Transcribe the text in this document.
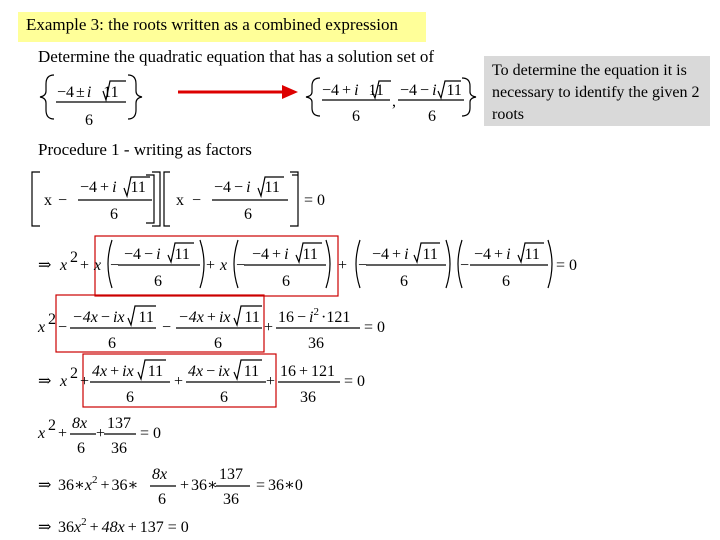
Example 3: the roots written as a combined expression
Determine the quadratic equation that has a solution set of
To determine the equation it is necessary to identify the given 2 roots
Procedure 1 - writing as factors
−4 ± i 11
6
−4 + i 11
6
,
−4 − i 11
6
x −
−4 + i 11
6
x −
−4 − i 11
6
= 0
⇒ x 2 + x −
−4 − i 11
6
+ x −
−4 + i 11
6
+ −
−4 + i 11
6
−
−4 + i 11
6
= 0
x 2 −
−4x − ix 11
6
−
−4x + ix 11
6
+
$16 - i^2 \cdot 121$
36
= 0
⇒ x 2 +
4x + ix 11
6
+
4x − ix 11
6
+
16 + 121
36
= 0
x 2 +
8x
6
+
137
36
= 0
⇒ $36∗x^2$ + 36∗
8x
6
+ 36∗
137
36
= 36∗0
⇒ $36x^2 + 48x + 137 = 0$
